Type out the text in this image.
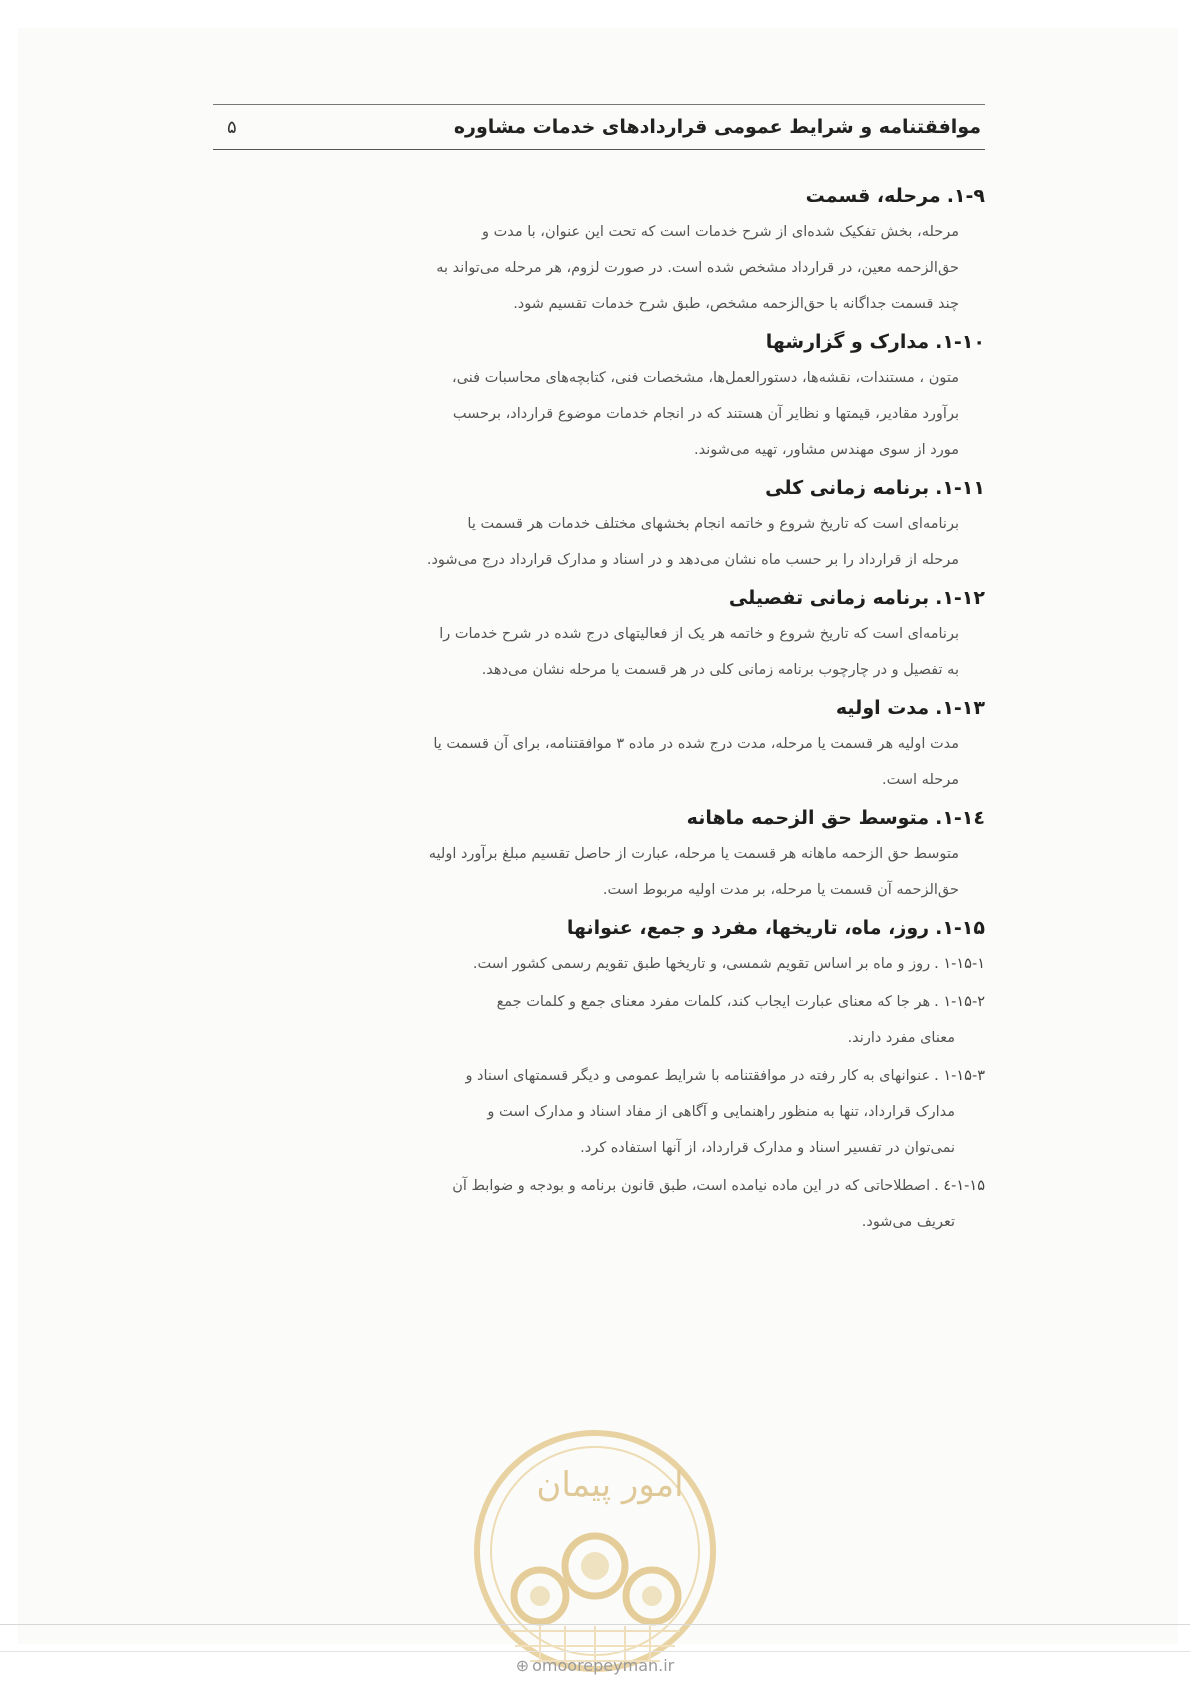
موافقتنامه و شرایط عمومی قراردادهای خدمات مشاوره
۵
۱-۹.مرحله، قسمت
مرحله، بخش تفکیک شده‌ای از شرح خدمات است که تحت این عنوان، با مدت و
حق‌الزحمه معین، در قرارداد مشخص شده است. در صورت لزوم، هر مرحله می‌تواند به
چند قسمت جداگانه با حق‌الزحمه مشخص، طبق شرح خدمات تقسیم شود.
۱-۱۰.مدارک و گزارشها
متون ، مستندات، نقشه‌ها، دستورالعمل‌ها، مشخصات فنی، کتابچه‌های محاسبات فنی،
برآورد مقادیر، قیمتها و نظایر آن هستند که در انجام خدمات موضوع قرارداد، برحسب
مورد از سوی مهندس مشاور، تهیه می‌شوند.
۱-۱۱.برنامه زمانی کلی
برنامه‌ای است که تاریخ شروع و خاتمه انجام بخشهای مختلف خدمات هر قسمت یا
مرحله از قرارداد را بر حسب ماه نشان می‌دهد و در اسناد و مدارک قرارداد درج می‌شود.
۱-۱۲.برنامه زمانی تفصیلی
برنامه‌ای است که تاریخ شروع و خاتمه هر یک از فعالیتهای درج شده در شرح خدمات را
به تفصیل و در چارچوب برنامه زمانی کلی در هر قسمت یا مرحله نشان می‌دهد.
۱-۱۳.مدت اولیه
مدت اولیه هر قسمت یا مرحله، مدت درج شده در ماده ۳ موافقتنامه، برای آن قسمت یا
مرحله است.
۱-۱٤.متوسط حق الزحمه ماهانه
متوسط حق الزحمه ماهانه هر قسمت یا مرحله، عبارت از حاصل تقسیم مبلغ برآورد اولیه
حق‌الزحمه آن قسمت یا مرحله، بر مدت اولیه مربوط است.
۱-۱۵.روز، ماه، تاریخها، مفرد و جمع، عنوانها
۱-۱۵-۱ .روز و ماه بر اساس تقویم شمسی، و تاریخها طبق تقویم رسمی کشور است.
۱-۱۵-۲ .هر جا که معنای عبارت ایجاب کند، کلمات مفرد معنای جمع و کلمات جمع
معنای مفرد دارند.
۱-۱۵-۳ .عنوانهای به کار رفته در موافقتنامه با شرایط عمومی و دیگر قسمتهای اسناد و
مدارک قرارداد، تنها به منظور راهنمایی و آگاهی از مفاد اسناد و مدارک است و
نمی‌توان در تفسیر اسناد و مدارک قرارداد، از آنها استفاده کرد.
۱-۱۵-٤ .اصطلاحاتی که در این ماده نیامده است، طبق قانون برنامه و بودجه و ضوابط آن
تعریف می‌شود.
امور پیمان
⊕ omoorepeyman.ir
